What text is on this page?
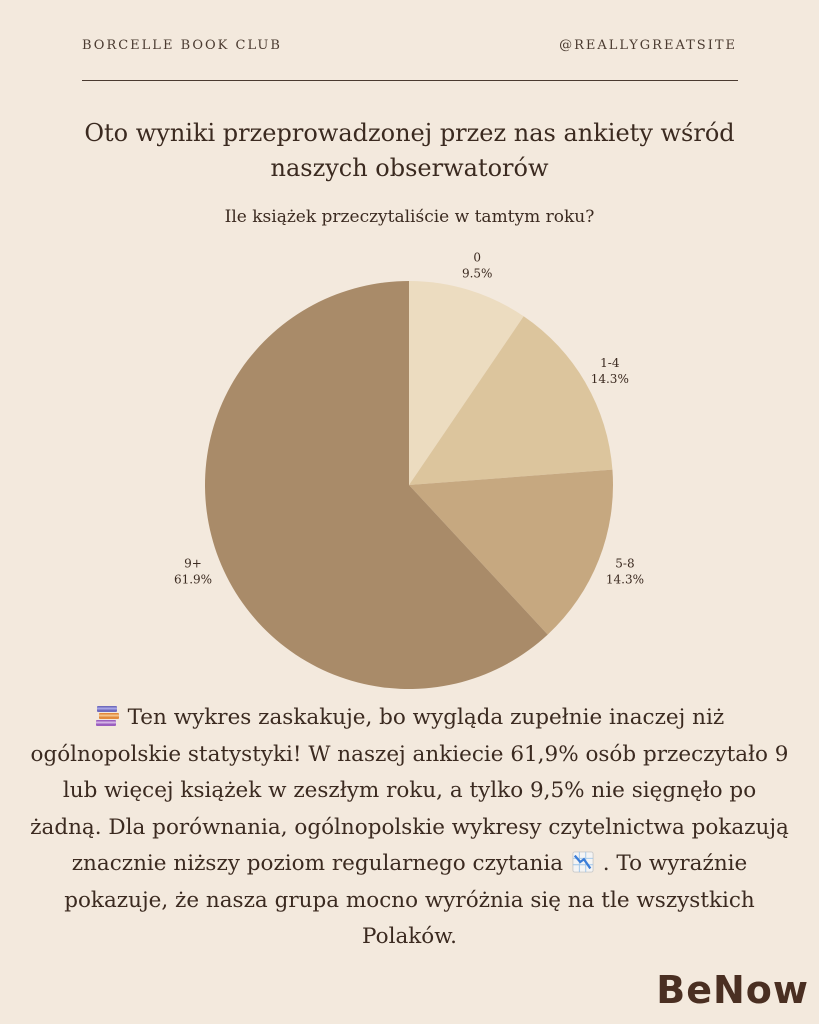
BORCELLE BOOK CLUB	@REALLYGREATSITE
Oto wyniki przeprowadzonej przez nas ankiety wśród naszych obserwatorów
Ile książek przeczytaliście w tamtym roku?
0
9.5%
1-4
14.3%
5-8
14.3%
9+
61.9%
Ten wykres zaskakuje, bo wygląda zupełnie inaczej niż ogólnopolskie statystyki! W naszej ankiecie 61,9% osób przeczytało 9 lub więcej książek w zeszłym roku, a tylko 9,5% nie sięgnęło po żadną. Dla porównania, ogólnopolskie wykresy czytelnictwa pokazują znacznie niższy poziom regularnego czytania . To wyraźnie pokazuje, że nasza grupa mocno wyróżnia się na tle wszystkich Polaków.
BeNow
